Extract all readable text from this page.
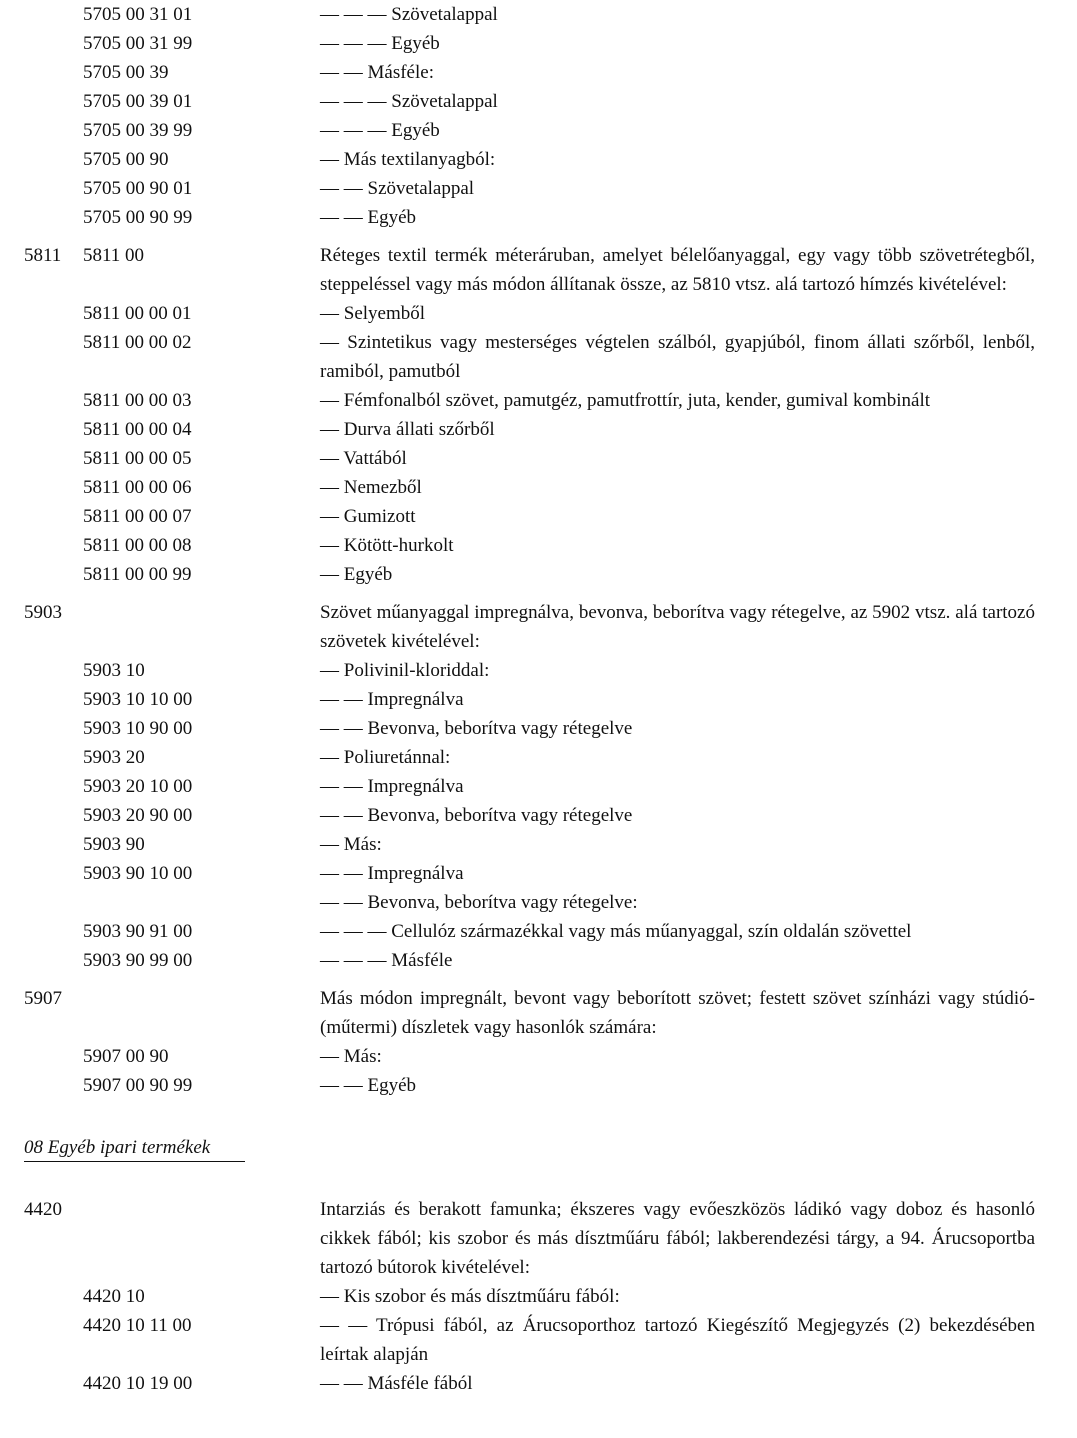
5705 00 31 01	— — — Szövetalappal
5705 00 31 99	— — — Egyéb
5705 00 39	— — Másféle:
5705 00 39 01	— — — Szövetalappal
5705 00 39 99	— — — Egyéb
5705 00 90	— Más textilanyagból:
5705 00 90 01	— — Szövetalappal
5705 00 90 99	— — Egyéb
5811 5811 00	Réteges textil termék méteráruban, amelyet bélelőanyaggal, egy vagy több szövetrétegből, steppeléssel vagy más módon állítanak össze, az 5810 vtsz. alá tartozó hímzés kivételével:
5811 00 00 01	— Selyemből
5811 00 00 02	— Szintetikus vagy mesterséges végtelen szálból, gyapjúból, finom állati szőrből, lenből, ramiból, pamutból
5811 00 00 03	— Fémfonalból szövet, pamutgéz, pamutfrottír, juta, kender, gumival kombinált
5811 00 00 04	— Durva állati szőrből
5811 00 00 05	— Vattából
5811 00 00 06	— Nemezből
5811 00 00 07	— Gumizott
5811 00 00 08	— Kötött-hurkolt
5811 00 00 99	— Egyéb
5903	Szövet műanyaggal impregnálva, bevonva, beborítva vagy rétegelve, az 5902 vtsz. alá tartozó szövetek kivételével:
5903 10	— Polivinil-kloriddal:
5903 10 10 00	— — Impregnálva
5903 10 90 00	— — Bevonva, beborítva vagy rétegelve
5903 20	— Poliuretánnal:
5903 20 10 00	— — Impregnálva
5903 20 90 00	— — Bevonva, beborítva vagy rétegelve
5903 90	— Más:
5903 90 10 00	— — Impregnálva
— — Bevonva, beborítva vagy rétegelve:
5903 90 91 00	— — — Cellulóz származékkal vagy más műanyaggal, szín oldalán szövettel
5903 90 99 00	— — — Másféle
5907	Más módon impregnált, bevont vagy beborított szövet; festett szövet színházi vagy stúdió-(műtermi) díszletek vagy hasonlók számára:
5907 00 90	— Más:
5907 00 90 99	— — Egyéb
08 Egyéb ipari termékek
4420	Intarziás és berakott famunka; ékszeres vagy evőeszközös ládikó vagy doboz és hasonló cikkek fából; kis szobor és más dísztműáru fából; lakberendezési tárgy, a 94. Árucsoportba tartozó bútorok kivételével:
4420 10	— Kis szobor és más dísztműáru fából:
4420 10 11 00	— — Trópusi fából, az Árucsoporthoz tartozó Kiegészítő Megjegyzés (2) bekezdésében leírtak alapján
4420 10 19 00	— — Másféle fából
